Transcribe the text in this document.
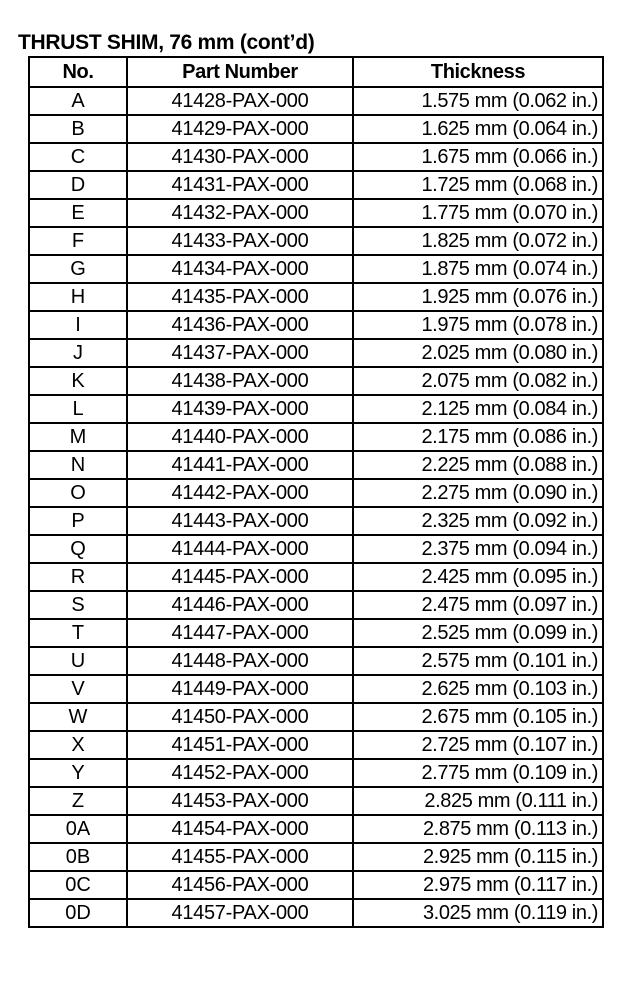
THRUST SHIM, 76 mm (cont’d)
No.	Part Number	Thickness
A	41428-PAX-000	1.575 mm (0.062 in.)
B	41429-PAX-000	1.625 mm (0.064 in.)
C	41430-PAX-000	1.675 mm (0.066 in.)
D	41431-PAX-000	1.725 mm (0.068 in.)
E	41432-PAX-000	1.775 mm (0.070 in.)
F	41433-PAX-000	1.825 mm (0.072 in.)
G	41434-PAX-000	1.875 mm (0.074 in.)
H	41435-PAX-000	1.925 mm (0.076 in.)
I	41436-PAX-000	1.975 mm (0.078 in.)
J	41437-PAX-000	2.025 mm (0.080 in.)
K	41438-PAX-000	2.075 mm (0.082 in.)
L	41439-PAX-000	2.125 mm (0.084 in.)
M	41440-PAX-000	2.175 mm (0.086 in.)
N	41441-PAX-000	2.225 mm (0.088 in.)
O	41442-PAX-000	2.275 mm (0.090 in.)
P	41443-PAX-000	2.325 mm (0.092 in.)
Q	41444-PAX-000	2.375 mm (0.094 in.)
R	41445-PAX-000	2.425 mm (0.095 in.)
S	41446-PAX-000	2.475 mm (0.097 in.)
T	41447-PAX-000	2.525 mm (0.099 in.)
U	41448-PAX-000	2.575 mm (0.101 in.)
V	41449-PAX-000	2.625 mm (0.103 in.)
W	41450-PAX-000	2.675 mm (0.105 in.)
X	41451-PAX-000	2.725 mm (0.107 in.)
Y	41452-PAX-000	2.775 mm (0.109 in.)
Z	41453-PAX-000	2.825 mm (0.111 in.)
0A	41454-PAX-000	2.875 mm (0.113 in.)
0B	41455-PAX-000	2.925 mm (0.115 in.)
0C	41456-PAX-000	2.975 mm (0.117 in.)
0D	41457-PAX-000	3.025 mm (0.119 in.)
